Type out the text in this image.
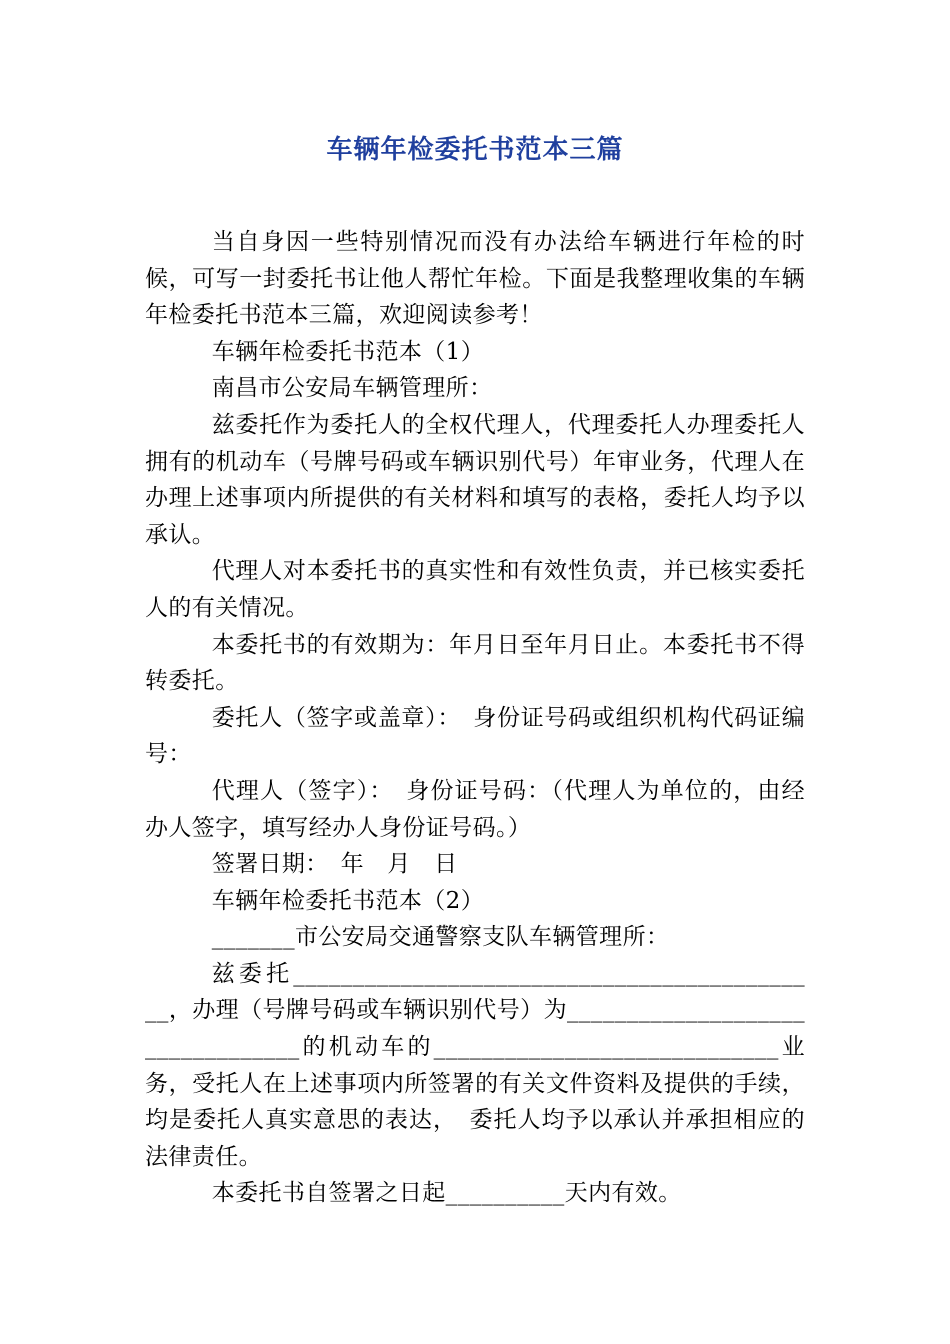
车辆年检委托书范本三篇

当自身因一些特别情况而没有办法给车辆进行年检的时候，可写一封委托书让他人帮忙年检。下面是我整理收集的车辆年检委托书范本三篇，欢迎阅读参考！

车辆年检委托书范本（1）

南昌市公安局车辆管理所：

兹委托作为委托人的全权代理人，代理委托人办理委托人拥有的机动车（号牌号码或车辆识别代号）年审业务，代理人在办理上述事项内所提供的有关材料和填写的表格，委托人均予以承认。

代理人对本委托书的真实性和有效性负责，并已核实委托人的有关情况。

本委托书的有效期为：年月日至年月日止。本委托书不得转委托。

委托人（签字或盖章）：　身份证号码或组织机构代码证编号：

代理人（签字）：　身份证号码：（代理人为单位的，由经办人签字，填写经办人身份证号码。）

签署日期：　年　月　日

车辆年检委托书范本（2）

_______市公安局交通警察支队车辆管理所：

兹委托_____________________________________________，办理（号牌号码或车辆识别代号）为_________________________________的机动车的_____________________________业务，受托人在上述事项内所签署的有关文件资料及提供的手续，均是委托人真实意思的表达，　委托人均予以承认并承担相应的法律责任。

本委托书自签署之日起__________天内有效。
